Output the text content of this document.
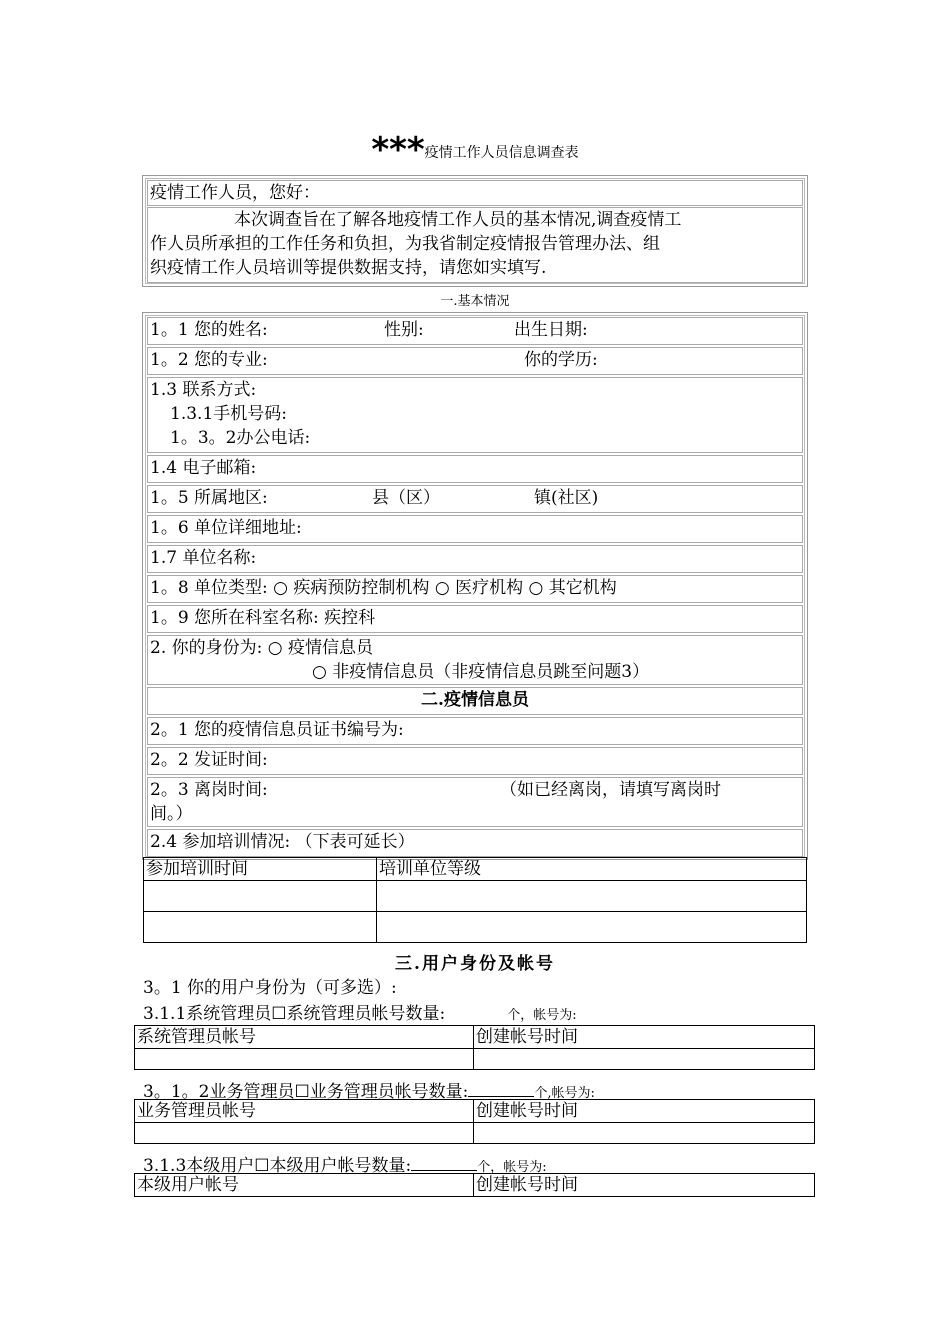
***疫情工作人员信息调查表
疫情工作人员，您好：
本次调查旨在了解各地疫情工作人员的基本情况,调查疫情工
作人员所承担的工作任务和负担，为我省制定疫情报告管理办法、组
织疫情工作人员培训等提供数据支持，请您如实填写.
一.基本情况
1。1 您的姓名:	性别:	出生日期:
1。2 您的专业:	你的学历:
1.3 联系方式:
1.3.1手机号码:
1。3。2办公电话:
1.4 电子邮箱:
1。5 所属地区:	县（区）	镇(社区)
1。6 单位详细地址:
1.7 单位名称:
1。8 单位类型: ○ 疾病预防控制机构 ○ 医疗机构 ○ 其它机构
1。9 您所在科室名称: 疾控科
2. 你的身份为: ○ 疫情信息员
○ 非疫情信息员（非疫情信息员跳至问题3）
二.疫情信息员
2。1 您的疫情信息员证书编号为:
2。2 发证时间:
2。3 离岗时间:	（如已经离岗，请填写离岗时
间。）
2.4 参加培训情况: （下表可延长）
参加培训时间	培训单位等级

三.用户身份及帐号
3。1 你的用户身份为（可多选）:
3.1.1系统管理员☐系统管理员帐号数量:	个，帐号为:
系统管理员帐号	创建帐号时间

3。1。2业务管理员☐业务管理员帐号数量:	个,帐号为:
业务管理员帐号	创建帐号时间

3.1.3本级用户☐本级用户帐号数量:	个，帐号为:
本级用户帐号	创建帐号时间
